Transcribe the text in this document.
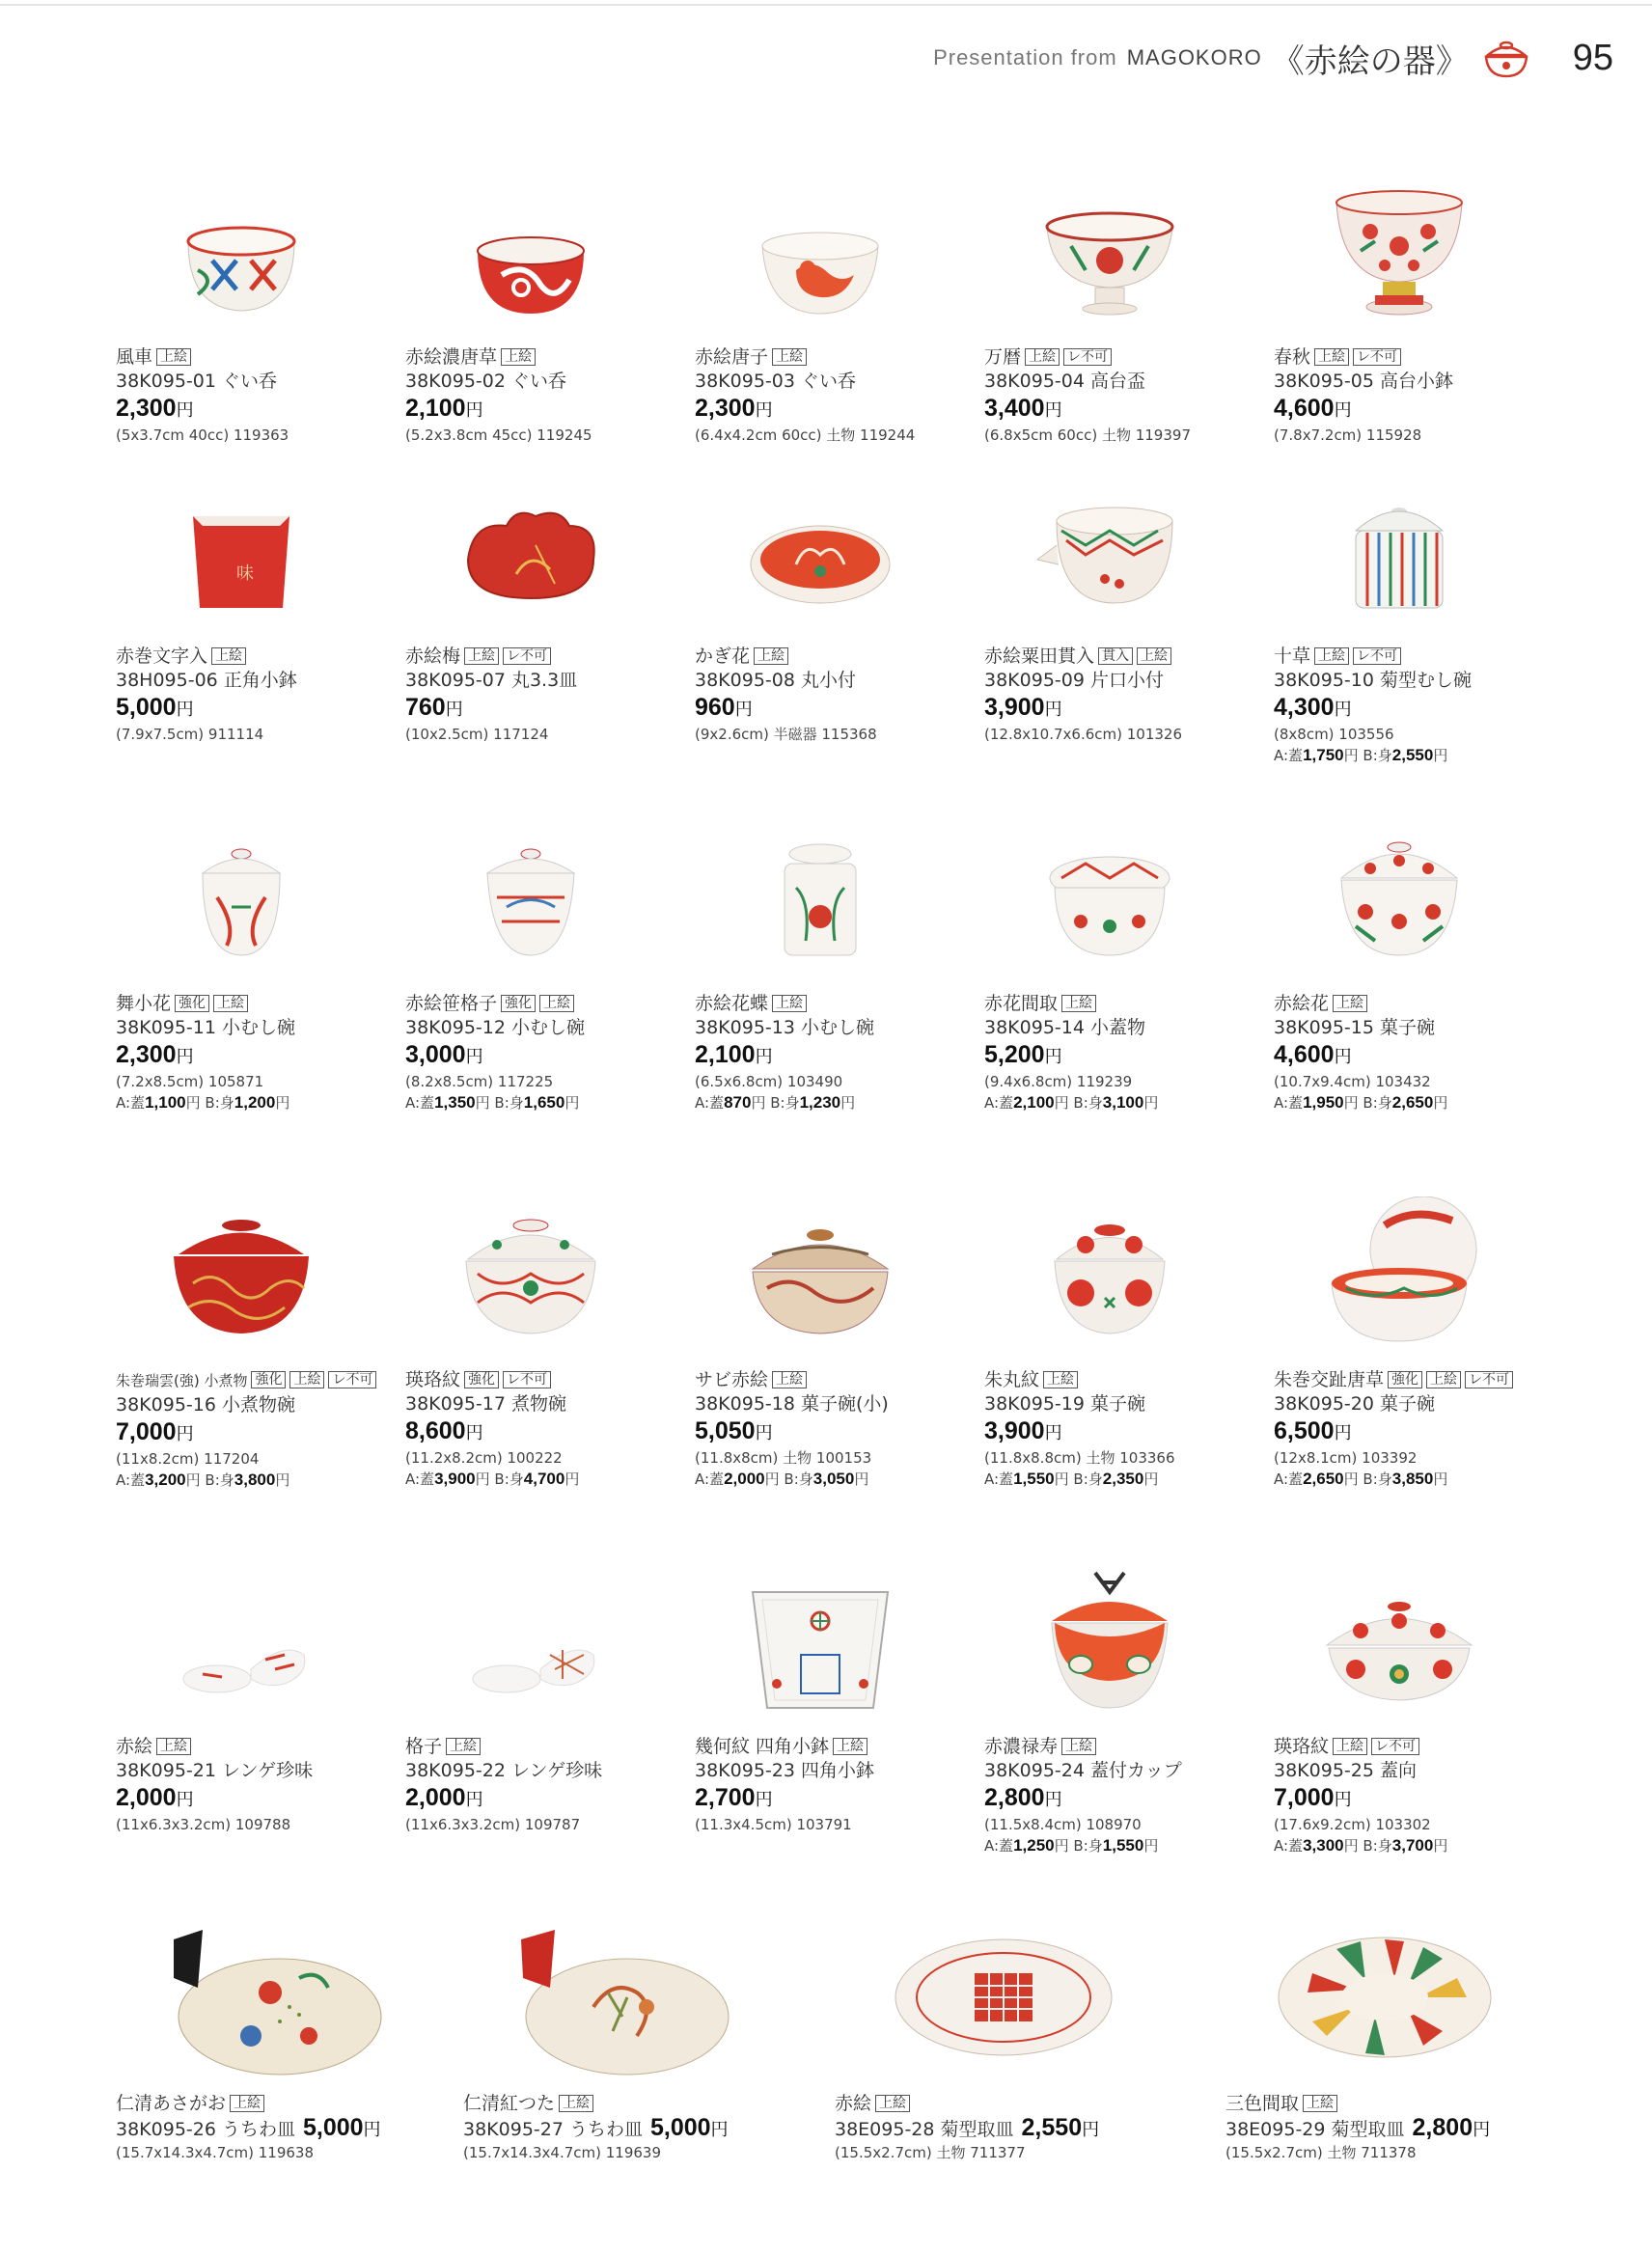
Presentation from MAGOKORO 《赤絵の器》	95
風車 上絵
38K095-01 ぐい呑
2,300円
(5x3.7cm 40cc) 119363
赤絵濃唐草 上絵
38K095-02 ぐい呑
2,100円
(5.2x3.8cm 45cc) 119245
赤絵唐子 上絵
38K095-03 ぐい呑
2,300円
(6.4x4.2cm 60cc) 土物 119244
万暦 上絵 レ不可
38K095-04 高台盃
3,400円
(6.8x5cm 60cc) 土物 119397
春秋 上絵 レ不可
38K095-05 高台小鉢
4,600円
(7.8x7.2cm) 115928
味
赤巻文字入 上絵
38H095-06 正角小鉢
5,000円
(7.9x7.5cm) 911114
赤絵梅 上絵 レ不可
38K095-07 丸3.3皿
760円
(10x2.5cm) 117124
かぎ花 上絵
38K095-08 丸小付
960円
(9x2.6cm) 半磁器 115368
赤絵粟田貫入 貫入 上絵
38K095-09 片口小付
3,900円
(12.8x10.7x6.6cm) 101326
十草 上絵 レ不可
38K095-10 菊型むし碗
4,300円
(8x8cm) 103556
A:蓋1,750円 B:身2,550円
舞小花 強化 上絵
38K095-11 小むし碗
2,300円
(7.2x8.5cm) 105871
A:蓋1,100円 B:身1,200円
赤絵笹格子 強化 上絵
38K095-12 小むし碗
3,000円
(8.2x8.5cm) 117225
A:蓋1,350円 B:身1,650円
赤絵花蝶 上絵
38K095-13 小むし碗
2,100円
(6.5x6.8cm) 103490
A:蓋870円 B:身1,230円
赤花間取 上絵
38K095-14 小蓋物
5,200円
(9.4x6.8cm) 119239
A:蓋2,100円 B:身3,100円
赤絵花 上絵
38K095-15 菓子碗
4,600円
(10.7x9.4cm) 103432
A:蓋1,950円 B:身2,650円
朱巻瑞雲(強) 小煮物 強化 上絵 レ不可
38K095-16 小煮物碗
7,000円
(11x8.2cm) 117204
A:蓋3,200円 B:身3,800円
瑛珞紋 強化 レ不可
38K095-17 煮物碗
8,600円
(11.2x8.2cm) 100222
A:蓋3,900円 B:身4,700円
サビ赤絵 上絵
38K095-18 菓子碗(小)
5,050円
(11.8x8cm) 土物 100153
A:蓋2,000円 B:身3,050円
朱丸紋 上絵
38K095-19 菓子碗
3,900円
(11.8x8.8cm) 土物 103366
A:蓋1,550円 B:身2,350円
朱巻交趾唐草 強化 上絵 レ不可
38K095-20 菓子碗
6,500円
(12x8.1cm) 103392
A:蓋2,650円 B:身3,850円
赤絵 上絵
38K095-21 レンゲ珍味
2,000円
(11x6.3x3.2cm) 109788
格子 上絵
38K095-22 レンゲ珍味
2,000円
(11x6.3x3.2cm) 109787
幾何紋 四角小鉢 上絵
38K095-23 四角小鉢
2,700円
(11.3x4.5cm) 103791
赤濃禄寿 上絵
38K095-24 蓋付カップ
2,800円
(11.5x8.4cm) 108970
A:蓋1,250円 B:身1,550円
瑛珞紋 上絵 レ不可
38K095-25 蓋向
7,000円
(17.6x9.2cm) 103302
A:蓋3,300円 B:身3,700円
仁清あさがお 上絵
38K095-26 うちわ皿 5,000円
(15.7x14.3x4.7cm) 119638
仁清紅つた 上絵
38K095-27 うちわ皿 5,000円
(15.7x14.3x4.7cm) 119639
赤絵 上絵
38E095-28 菊型取皿 2,550円
(15.5x2.7cm) 土物 711377
三色間取 上絵
38E095-29 菊型取皿 2,800円
(15.5x2.7cm) 土物 711378
